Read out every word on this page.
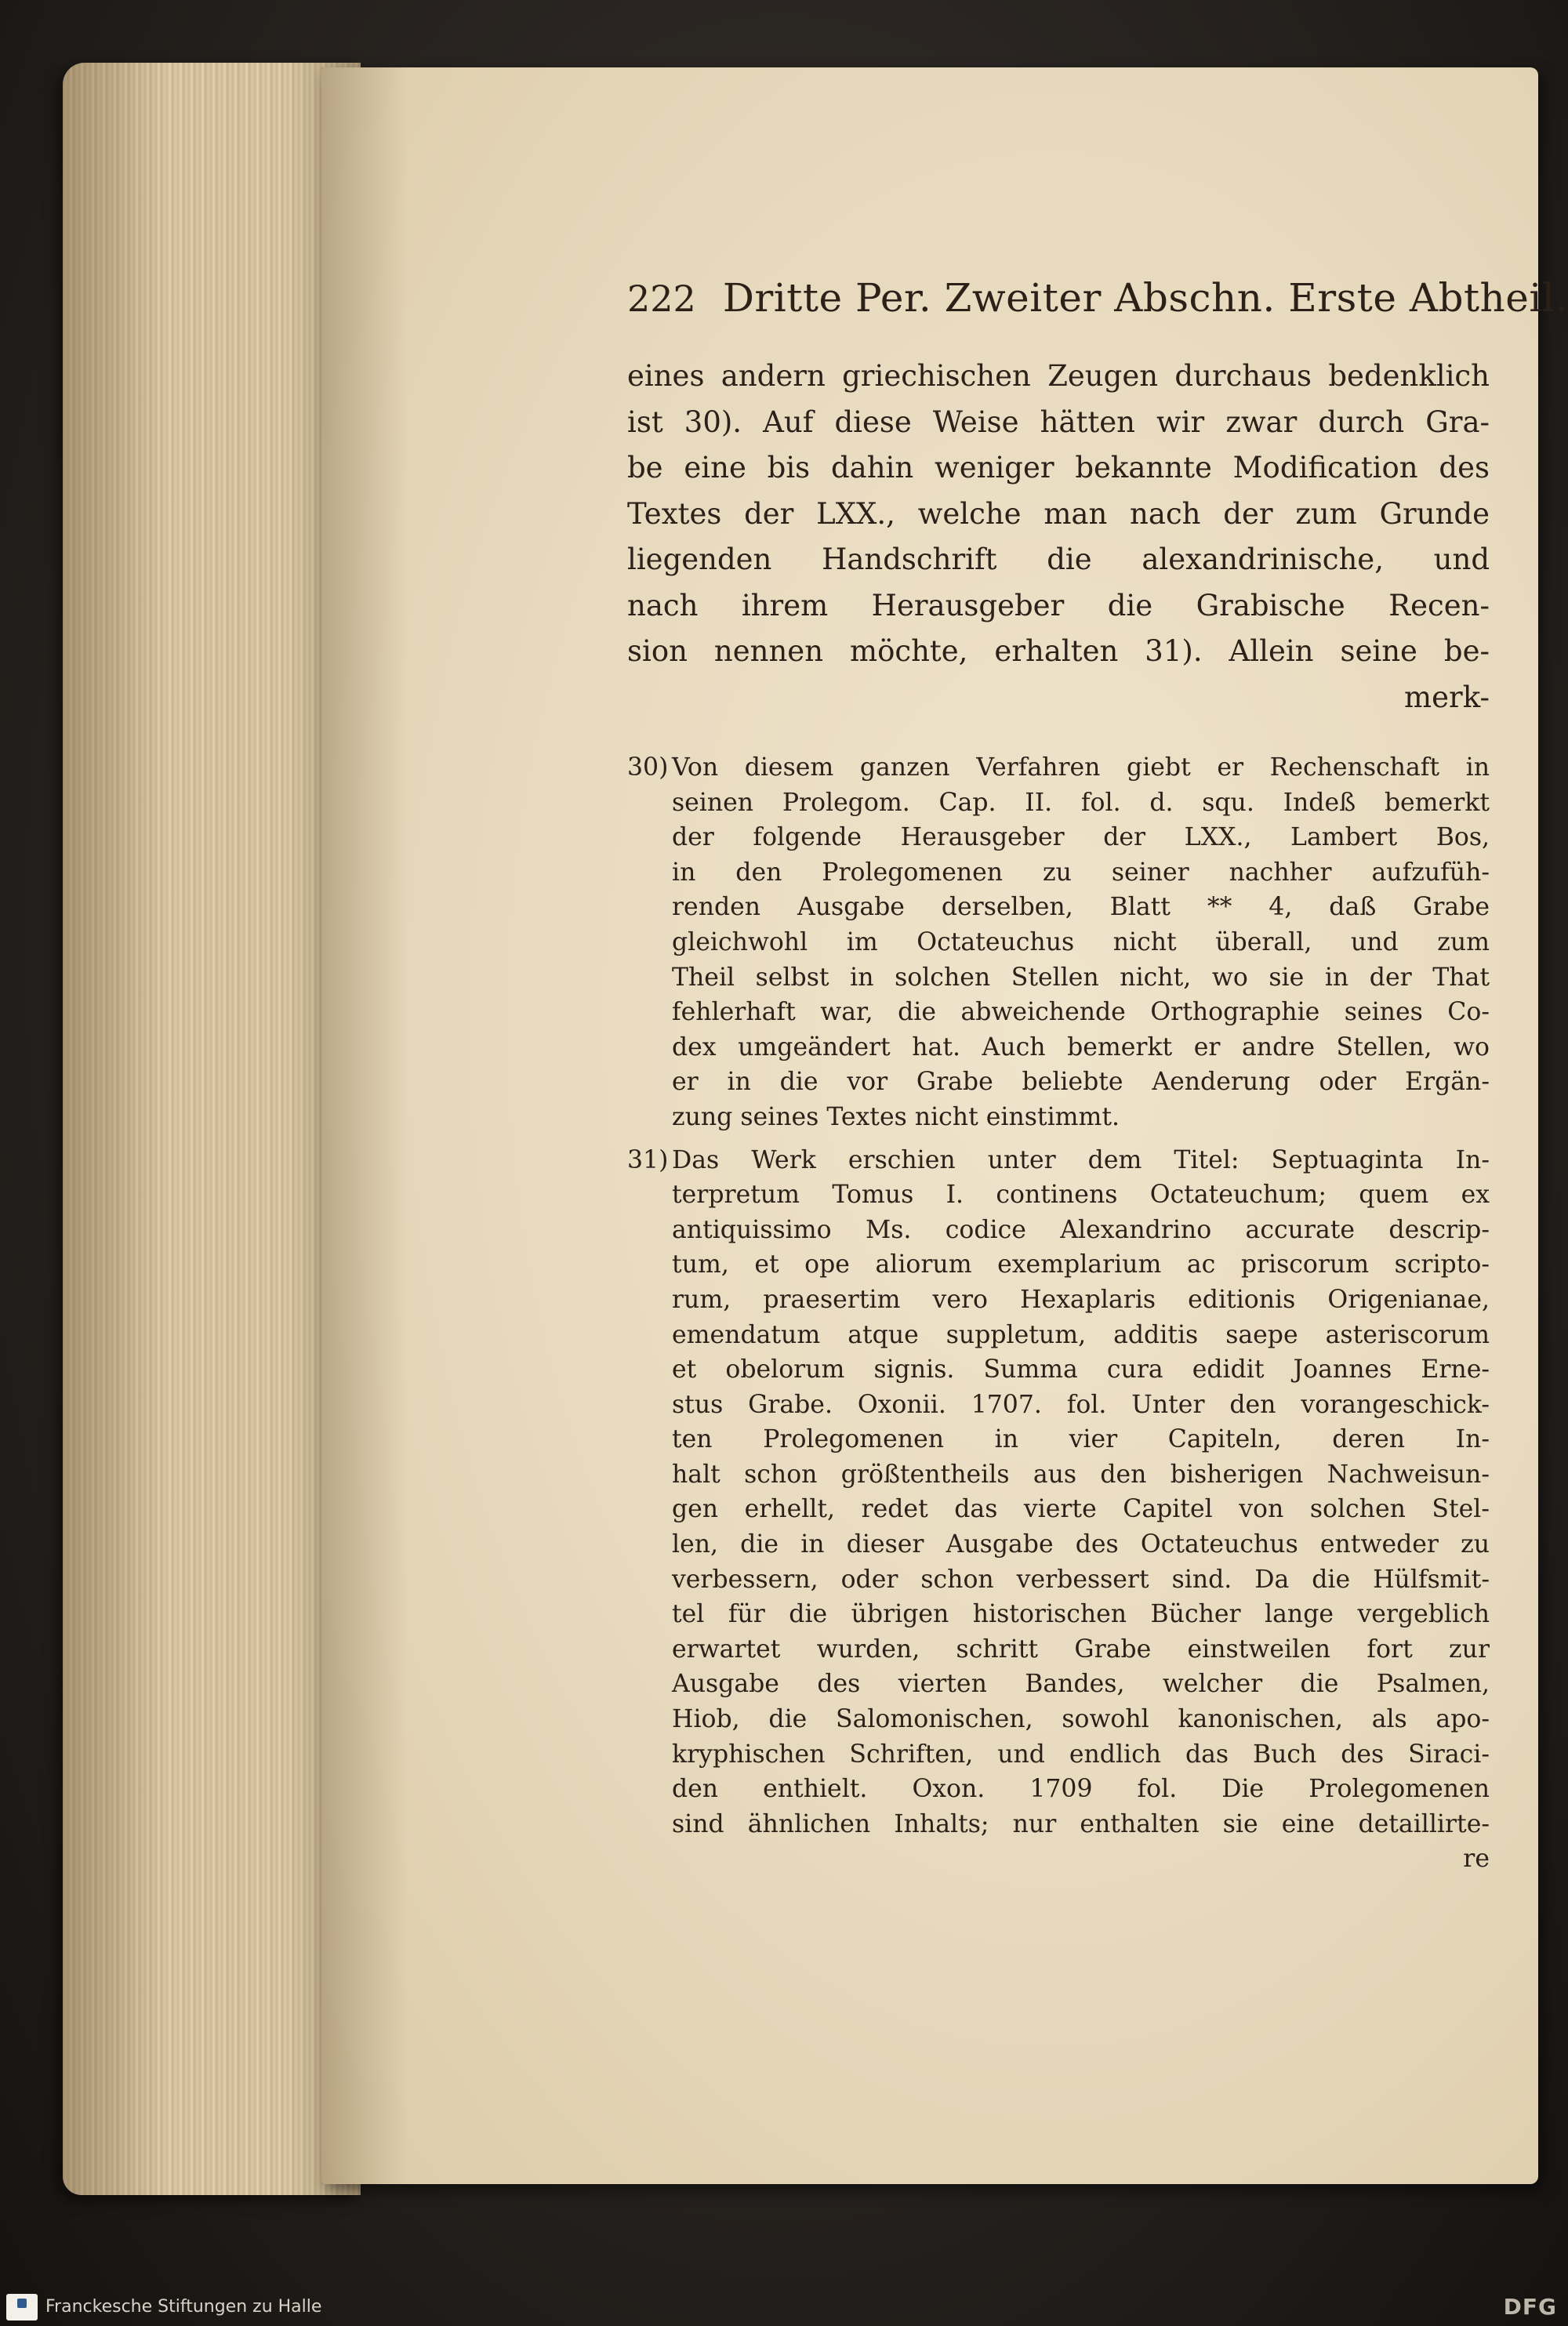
222 Dritte Per. Zweiter Abschn. Erste Abtheil.
eines andern griechischen Zeugen durchaus bedenklich
ist 30). Auf diese Weise hätten wir zwar durch Gra-
be eine bis dahin weniger bekannte Modification des
Textes der LXX., welche man nach der zum Grunde
liegenden Handschrift die alexandrinische, und
nach ihrem Herausgeber die Grabische Recen-
sion nennen möchte, erhalten 31). Allein seine be-
merk-
30) Von diesem ganzen Verfahren giebt er Rechenschaft in
seinen Prolegom. Cap. II. fol. d. squ. Indeß bemerkt
der folgende Herausgeber der LXX., Lambert Bos,
in den Prolegomenen zu seiner nachher aufzufüh-
renden Ausgabe derselben, Blatt ** 4, daß Grabe
gleichwohl im Octateuchus nicht überall, und zum
Theil selbst in solchen Stellen nicht, wo sie in der That
fehlerhaft war, die abweichende Orthographie seines Co-
dex umgeändert hat. Auch bemerkt er andre Stellen, wo
er in die vor Grabe beliebte Aenderung oder Ergän-
zung seines Textes nicht einstimmt.
31) Das Werk erschien unter dem Titel: Septuaginta In-
terpretum Tomus I. continens Octateuchum; quem ex
antiquissimo Ms. codice Alexandrino accurate descrip-
tum, et ope aliorum exemplarium ac priscorum scripto-
rum, praesertim vero Hexaplaris editionis Origenianae,
emendatum atque suppletum, additis saepe asteriscorum
et obelorum signis. Summa cura edidit Joannes Erne-
stus Grabe. Oxonii. 1707. fol. Unter den vorangeschick-
ten Prolegomenen in vier Capiteln, deren In-
halt schon größtentheils aus den bisherigen Nachweisun-
gen erhellt, redet das vierte Capitel von solchen Stel-
len, die in dieser Ausgabe des Octateuchus entweder zu
verbessern, oder schon verbessert sind. Da die Hülfsmit-
tel für die übrigen historischen Bücher lange vergeblich
erwartet wurden, schritt Grabe einstweilen fort zur
Ausgabe des vierten Bandes, welcher die Psalmen,
Hiob, die Salomonischen, sowohl kanonischen, als apo-
kryphischen Schriften, und endlich das Buch des Siraci-
den enthielt. Oxon. 1709 fol. Die Prolegomenen
sind ähnlichen Inhalts; nur enthalten sie eine detaillirte-
re
Franckesche Stiftungen zu Halle	DFG
